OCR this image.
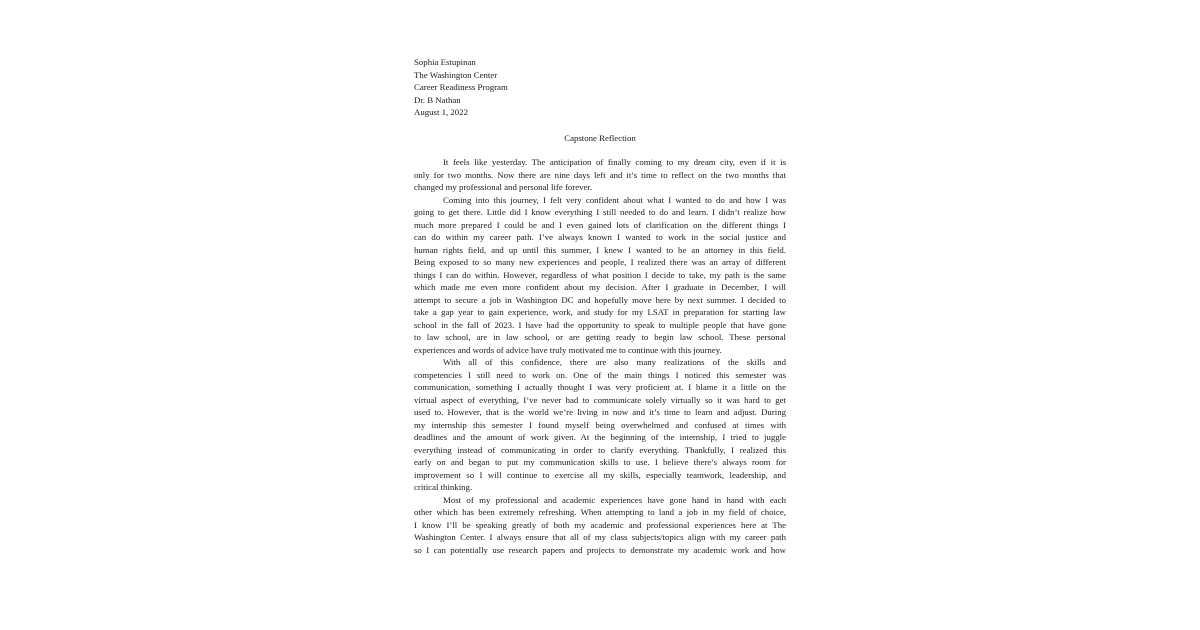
Sophia Estupinan
The Washington Center
Career Readiness Program
Dr. B Nathan
August 1, 2022
Capstone Reflection
It feels like yesterday. The anticipation of finally coming to my dream city, even if it is
only for two months. Now there are nine days left and it’s time to reflect on the two months that
changed my professional and personal life forever.
Coming into this journey, I felt very confident about what I wanted to do and how I was
going to get there. Little did I know everything I still needed to do and learn. I didn’t realize how
much more prepared I could be and I even gained lots of clarification on the different things I
can do within my career path. I’ve always known I wanted to work in the social justice and
human rights field, and up until this summer, I knew I wanted to be an attorney in this field.
Being exposed to so many new experiences and people, I realized there was an array of different
things I can do within. However, regardless of what position I decide to take, my path is the same
which made me even more confident about my decision. After I graduate in December, I will
attempt to secure a job in Washington DC and hopefully move here by next summer. I decided to
take a gap year to gain experience, work, and study for my LSAT in preparation for starting law
school in the fall of 2023. I have had the opportunity to speak to multiple people that have gone
to law school, are in law school, or are getting ready to begin law school. These personal
experiences and words of advice have truly motivated me to continue with this journey.
With all of this confidence, there are also many realizations of the skills and
competencies I still need to work on. One of the main things I noticed this semester was
communication, something I actually thought I was very proficient at. I blame it a little on the
virtual aspect of everything, I’ve never had to communicate solely virtually so it was hard to get
used to. However, that is the world we’re living in now and it’s time to learn and adjust. During
my internship this semester I found myself being overwhelmed and confused at times with
deadlines and the amount of work given. At the beginning of the internship, I tried to juggle
everything instead of communicating in order to clarify everything. Thankfully, I realized this
early on and began to put my communication skills to use. I believe there’s always room for
improvement so I will continue to exercise all my skills, especially teamwork, leadership, and
critical thinking.
Most of my professional and academic experiences have gone hand in hand with each
other which has been extremely refreshing. When attempting to land a job in my field of choice,
I know I’ll be speaking greatly of both my academic and professional experiences here at The
Washington Center. I always ensure that all of my class subjects/topics align with my career path
so I can potentially use research papers and projects to demonstrate my academic work and how
